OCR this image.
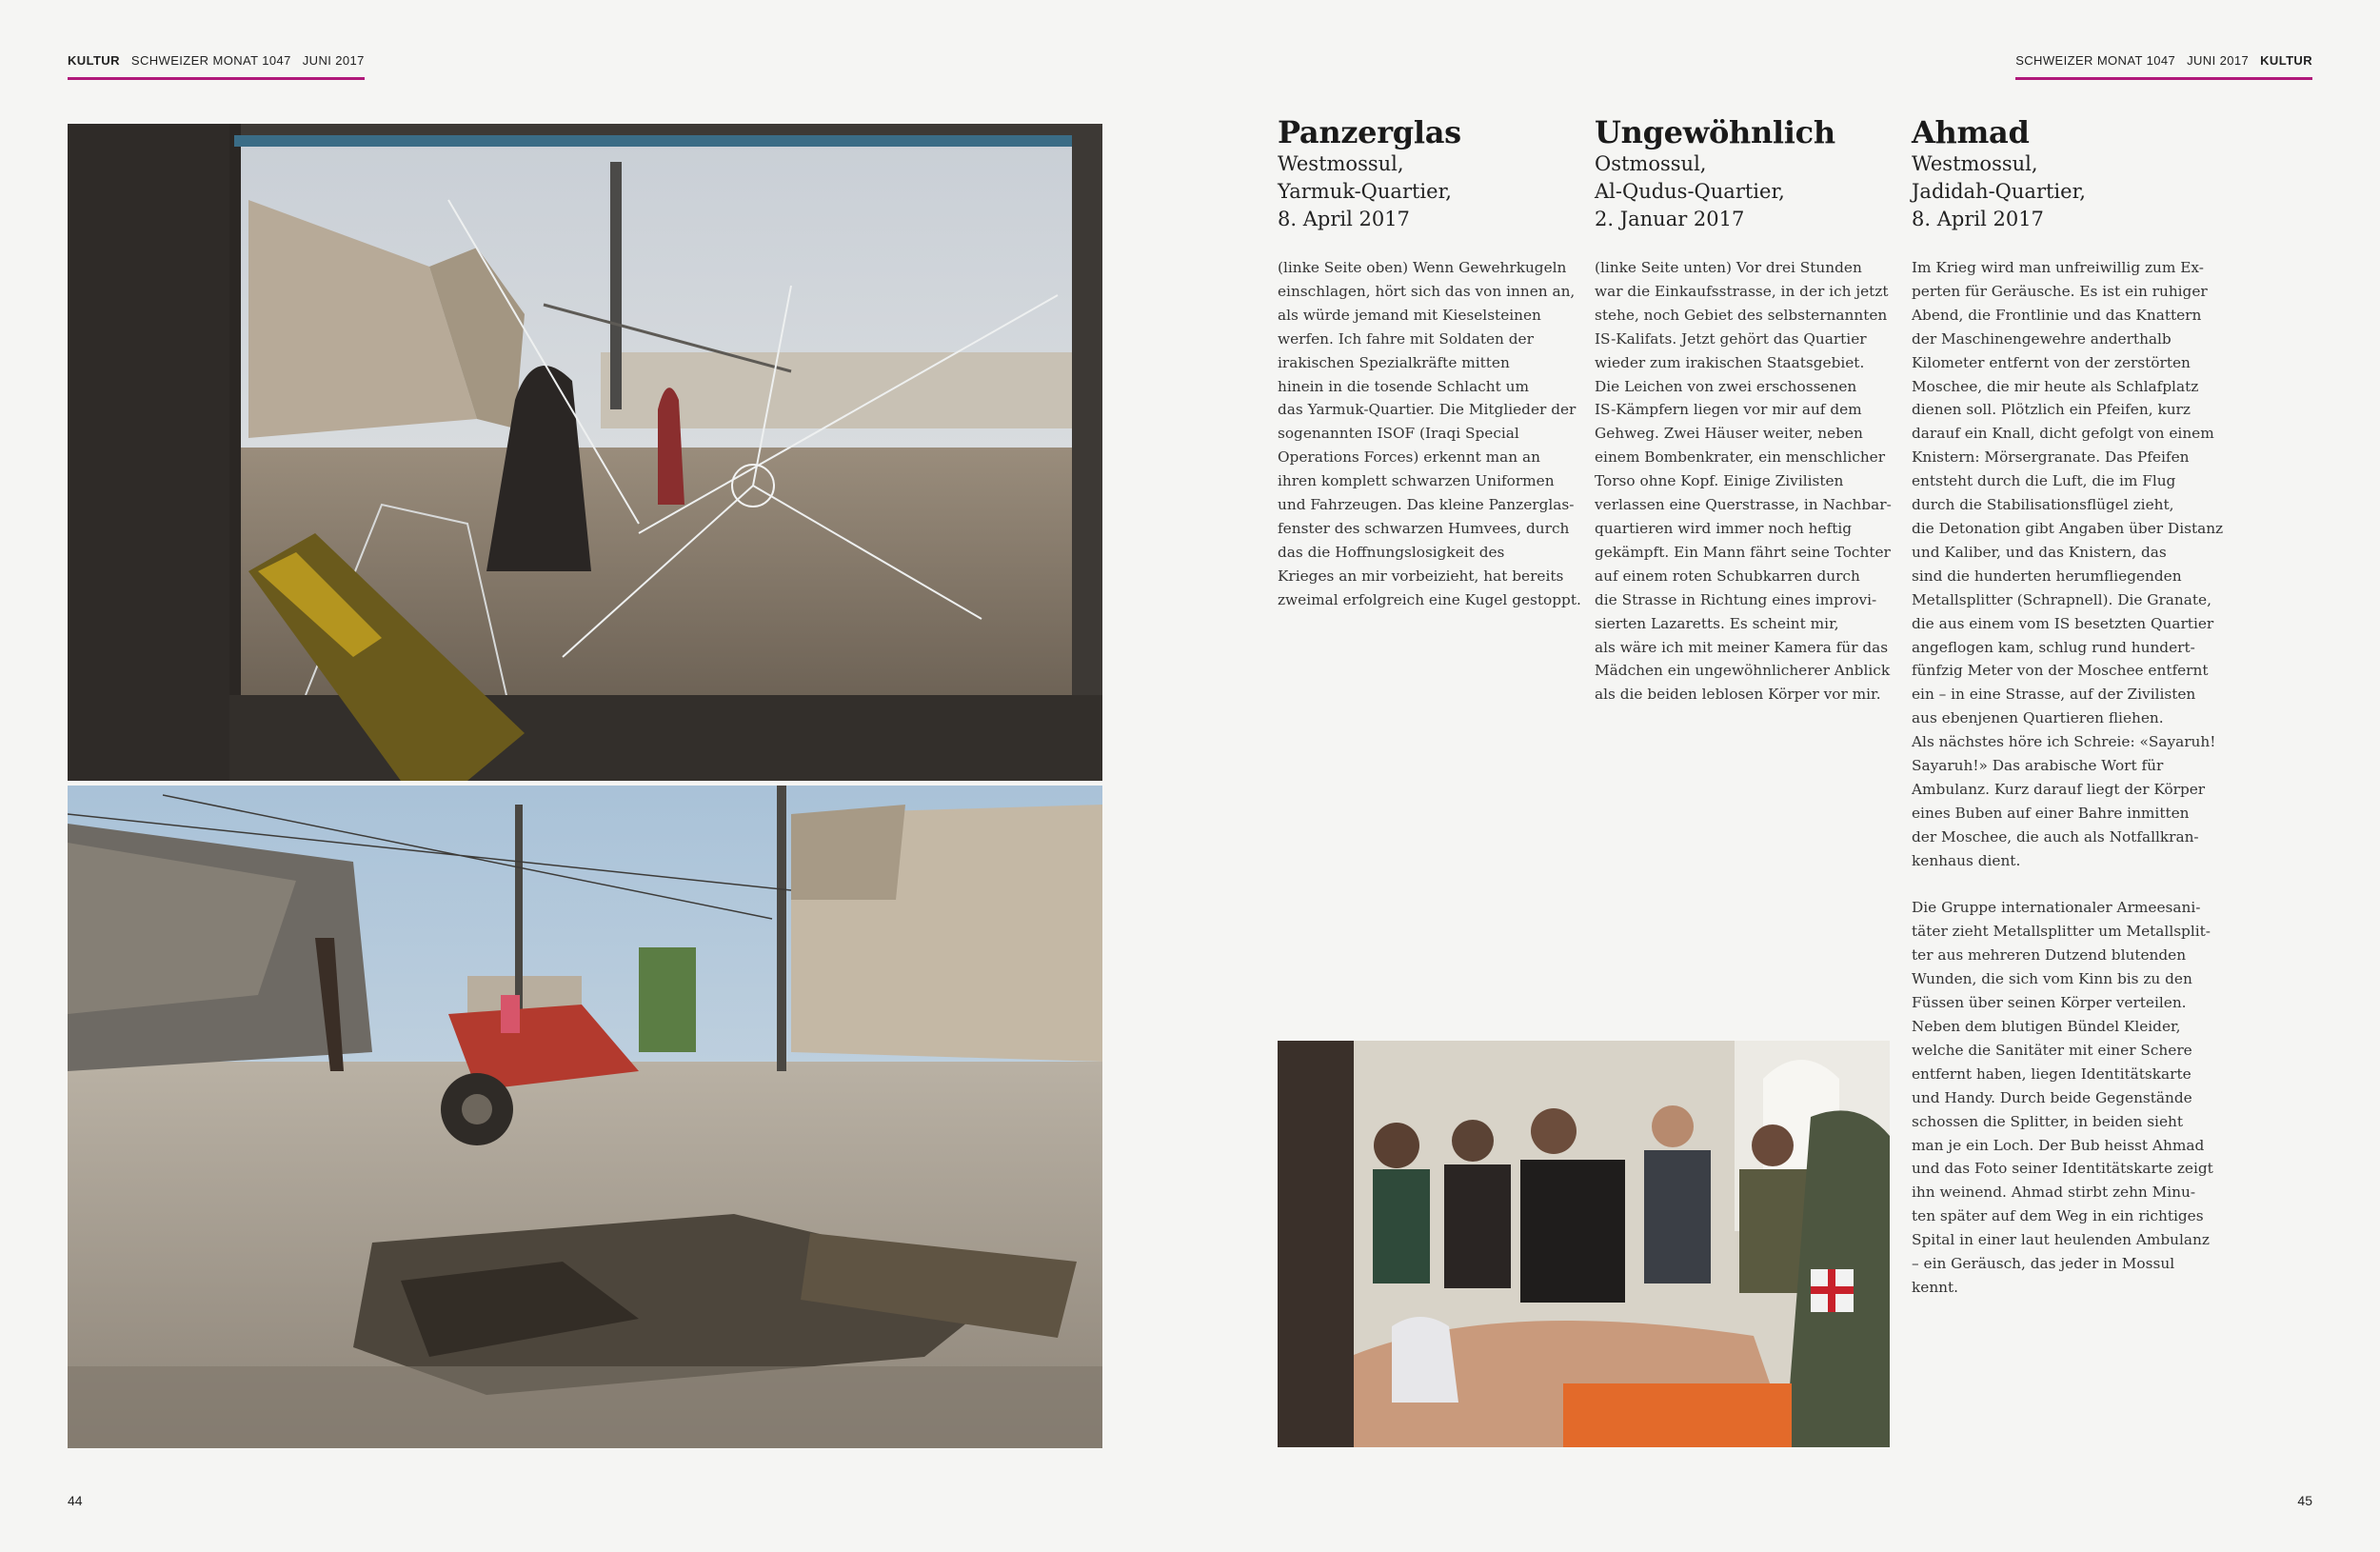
KULTUR SCHWEIZER MONAT 1047 JUNI 2017	SCHWEIZER MONAT 1047 JUNI 2017 KULTUR
Panzerglas
Westmossul,
Yarmuk-Quartier,
8. April 2017

(linke Seite oben) Wenn Gewehrkugeln
einschlagen, hört sich das von innen an,
als würde jemand mit Kieselsteinen
werfen. Ich fahre mit Soldaten der
irakischen Spezialkräfte mitten
hinein in die tosende Schlacht um
das Yarmuk-Quartier. Die Mitglieder der
sogenannten ISOF (Iraqi Special
Operations Forces) erkennt man an
ihren komplett schwarzen Uniformen
und Fahrzeugen. Das kleine Panzerglas-
fenster des schwarzen Humvees, durch
das die Hoffnungslosigkeit des
Krieges an mir vorbeizieht, hat bereits
zweimal erfolgreich eine Kugel gestoppt.

Ungewöhnlich
Ostmossul,
Al-Qudus-Quartier,
2. Januar 2017

(linke Seite unten) Vor drei Stunden
war die Einkaufsstrasse, in der ich jetzt
stehe, noch Gebiet des selbsternannten
IS-Kalifats. Jetzt gehört das Quartier
wieder zum irakischen Staatsgebiet.
Die Leichen von zwei erschossenen
IS-Kämpfern liegen vor mir auf dem
Gehweg. Zwei Häuser weiter, neben
einem Bombenkrater, ein menschlicher
Torso ohne Kopf. Einige Zivilisten
verlassen eine Querstrasse, in Nachbar-
quartieren wird immer noch heftig
gekämpft. Ein Mann fährt seine Tochter
auf einem roten Schubkarren durch
die Strasse in Richtung eines improvi-
sierten Lazaretts. Es scheint mir,
als wäre ich mit meiner Kamera für das
Mädchen ein ungewöhnlicherer Anblick
als die beiden leblosen Körper vor mir.

Ahmad
Westmossul,
Jadidah-Quartier,
8. April 2017

Im Krieg wird man unfreiwillig zum Ex-
perten für Geräusche. Es ist ein ruhiger
Abend, die Frontlinie und das Knattern
der Maschinengewehre anderthalb
Kilometer entfernt von der zerstörten
Moschee, die mir heute als Schlafplatz
dienen soll. Plötzlich ein Pfeifen, kurz
darauf ein Knall, dicht gefolgt von einem
Knistern: Mörsergranate. Das Pfeifen
entsteht durch die Luft, die im Flug
durch die Stabilisationsflügel zieht,
die Detonation gibt Angaben über Distanz
und Kaliber, und das Knistern, das
sind die hunderten herumfliegenden
Metallsplitter (Schrapnell). Die Granate,
die aus einem vom IS besetzten Quartier
angeflogen kam, schlug rund hundert-
fünfzig Meter von der Moschee entfernt
ein – in eine Strasse, auf der Zivilisten
aus ebenjenen Quartieren fliehen.
Als nächstes höre ich Schreie: «Sayaruh!
Sayaruh!» Das arabische Wort für
Ambulanz. Kurz darauf liegt der Körper
eines Buben auf einer Bahre inmitten
der Moschee, die auch als Notfallkran-
kenhaus dient.

Die Gruppe internationaler Armeesani-
täter zieht Metallsplitter um Metallsplit-
ter aus mehreren Dutzend blutenden
Wunden, die sich vom Kinn bis zu den
Füssen über seinen Körper verteilen.
Neben dem blutigen Bündel Kleider,
welche die Sanitäter mit einer Schere
entfernt haben, liegen Identitätskarte
und Handy. Durch beide Gegenstände
schossen die Splitter, in beiden sieht
man je ein Loch. Der Bub heisst Ahmad
und das Foto seiner Identitätskarte zeigt
ihn weinend. Ahmad stirbt zehn Minu-
ten später auf dem Weg in ein richtiges
Spital in einer laut heulenden Ambulanz
– ein Geräusch, das jeder in Mossul
kennt.

44	45
